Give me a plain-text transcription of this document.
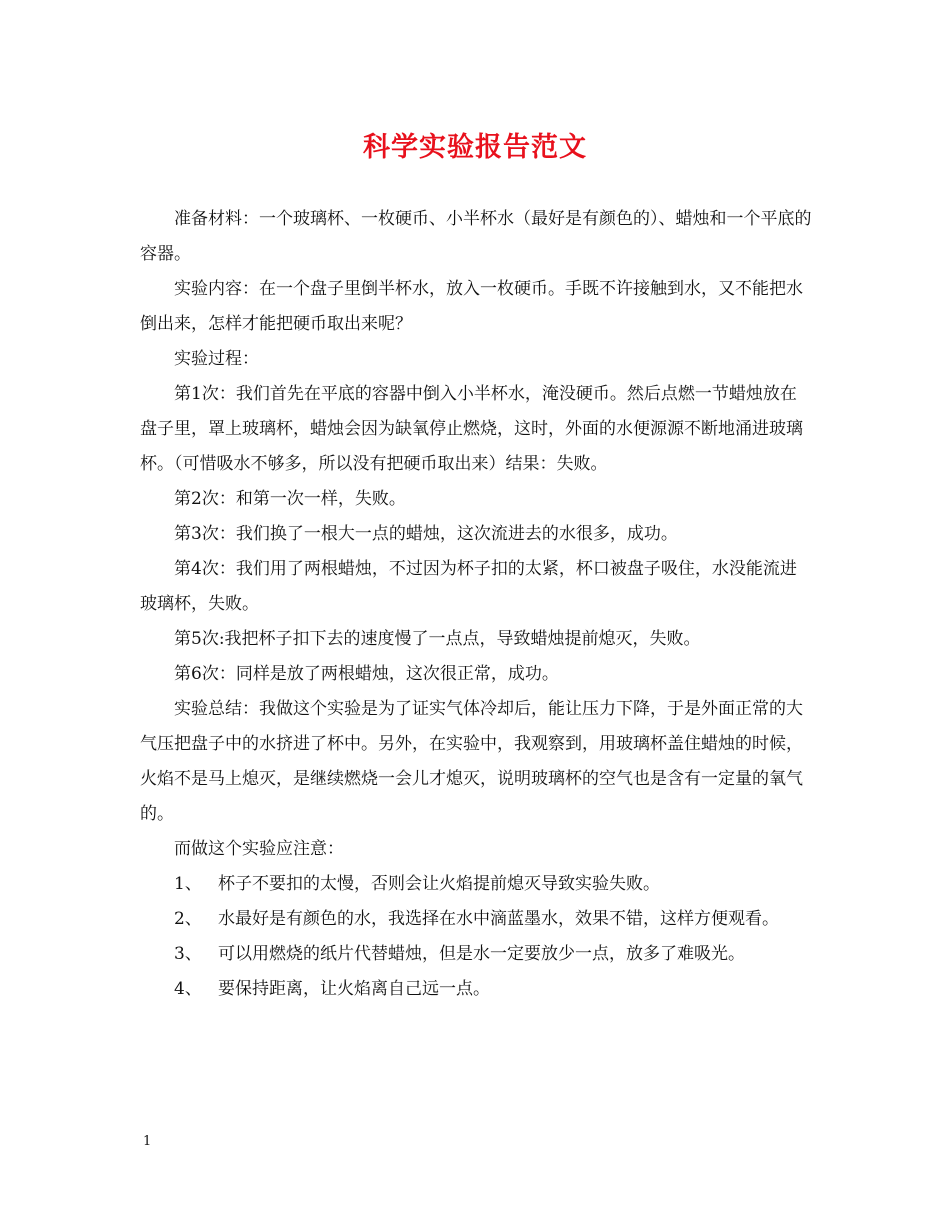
科学实验报告范文

准备材料：一个玻璃杯、一枚硬币、小半杯水（最好是有颜色的）、蜡烛和一个平底的容器。

实验内容：在一个盘子里倒半杯水，放入一枚硬币。手既不许接触到水，又不能把水倒出来，怎样才能把硬币取出来呢？

实验过程：

第1次：我们首先在平底的容器中倒入小半杯水，淹没硬币。然后点燃一节蜡烛放在盘子里，罩上玻璃杯，蜡烛会因为缺氧停止燃烧，这时，外面的水便源源不断地涌进玻璃杯。（可惜吸水不够多，所以没有把硬币取出来）结果：失败。

第2次：和第一次一样，失败。

第3次：我们换了一根大一点的蜡烛，这次流进去的水很多，成功。

第4次：我们用了两根蜡烛，不过因为杯子扣的太紧，杯口被盘子吸住，水没能流进玻璃杯，失败。

第5次:我把杯子扣下去的速度慢了一点点，导致蜡烛提前熄灭，失败。

第6次：同样是放了两根蜡烛，这次很正常，成功。

实验总结：我做这个实验是为了证实气体冷却后，能让压力下降，于是外面正常的大气压把盘子中的水挤进了杯中。另外，在实验中，我观察到，用玻璃杯盖住蜡烛的时候，火焰不是马上熄灭，是继续燃烧一会儿才熄灭，说明玻璃杯的空气也是含有一定量的氧气的。

而做这个实验应注意：

1、 杯子不要扣的太慢，否则会让火焰提前熄灭导致实验失败。

2、 水最好是有颜色的水，我选择在水中滴蓝墨水，效果不错，这样方便观看。

3、 可以用燃烧的纸片代替蜡烛，但是水一定要放少一点，放多了难吸光。

4、 要保持距离，让火焰离自己远一点。

1
